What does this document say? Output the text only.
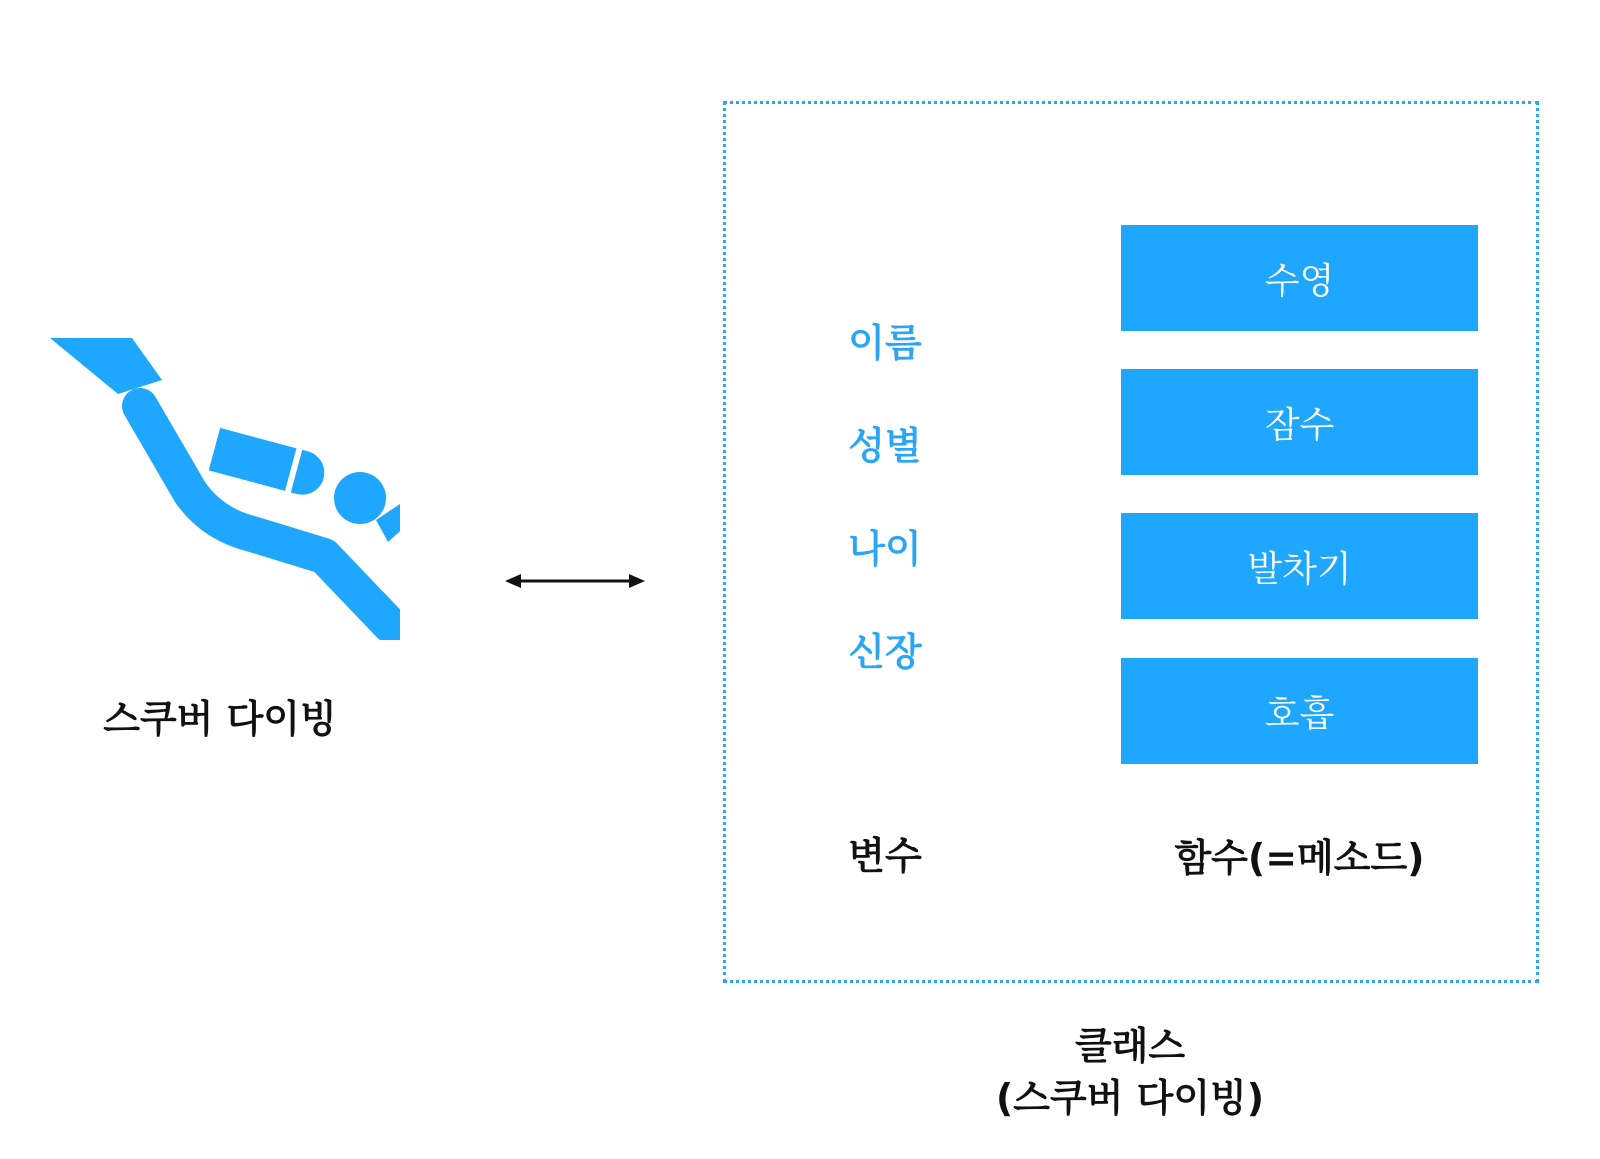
스쿠버 다이빙
이름
성별
나이
신장
수영
잠수
발차기
호흡
변수	함수(=메소드)
클래스
(스쿠버 다이빙)
